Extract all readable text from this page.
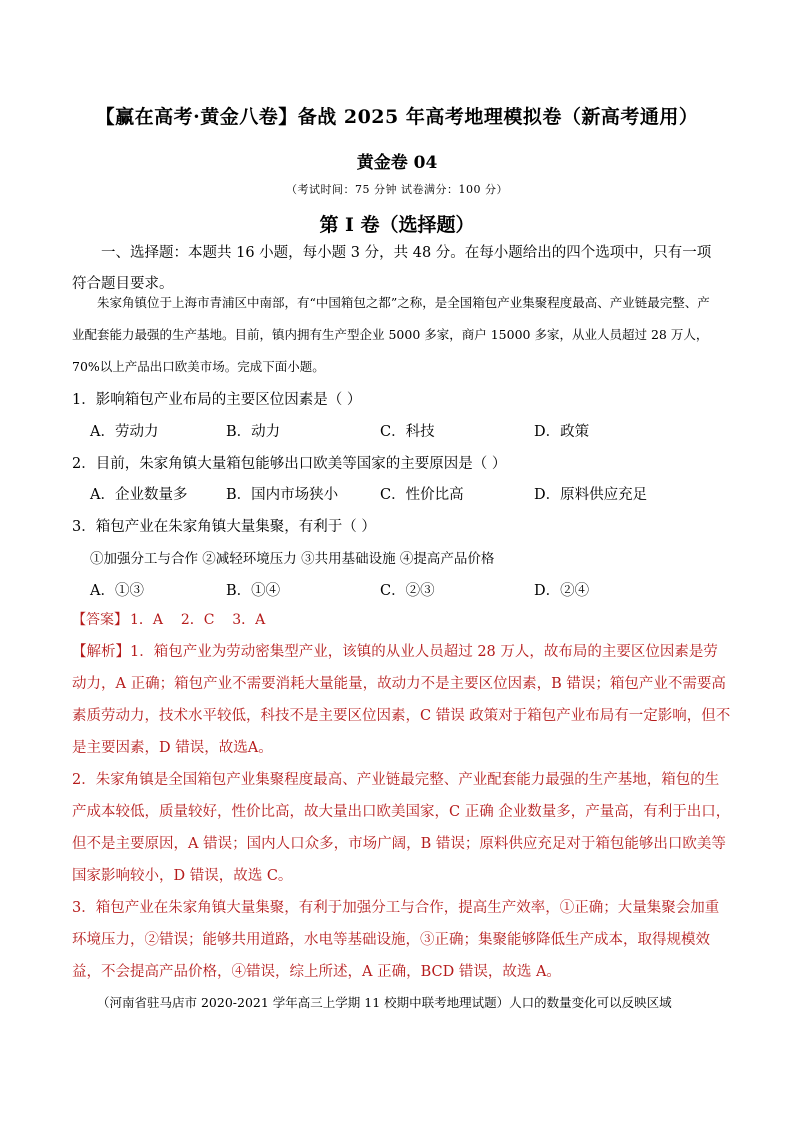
【赢在高考·黄金八卷】备战 2025 年高考地理模拟卷（新高考通用）
黄金卷 04
（考试时间：75 分钟 试卷满分：100 分）
第 I 卷（选择题）
一、选择题：本题共 16 小题，每小题 3 分，共 48 分。在每小题给出的四个选项中，只有一项符合题目要求。
朱家角镇位于上海市青浦区中南部，有“中国箱包之都”之称，是全国箱包产业集聚程度最高、产业链最完整、产业配套能力最强的生产基地。目前，镇内拥有生产型企业 5000 多家，商户 15000 多家，从业人员超过 28 万人，70%以上产品出口欧美市场。完成下面小题。
1．影响箱包产业布局的主要区位因素是（ ）
A．劳动力	B．动力	C．科技	D．政策
2．目前，朱家角镇大量箱包能够出口欧美等国家的主要原因是（ ）
A．企业数量多	B．国内市场狭小	C．性价比高	D．原料供应充足
3．箱包产业在朱家角镇大量集聚，有利于（ ）
①加强分工与合作 ②减轻环境压力 ③共用基础设施 ④提高产品价格
A．①③	B．①④	C．②③	D．②④
【答案】 1．A    2．C    3．A
【解析】1．箱包产业为劳动密集型产业，该镇的从业人员超过 28 万人，故布局的主要区位因素是劳动力，A 正确；箱包产业不需要消耗大量能量，故动力不是主要区位因素，B 错误；箱包产业不需要高素质劳动力，技术水平较低，科技不是主要区位因素，C 错误 政策对于箱包产业布局有一定影响，但不是主要因素，D 错误，故选A。
2．朱家角镇是全国箱包产业集聚程度最高、产业链最完整、产业配套能力最强的生产基地，箱包的生产成本较低，质量较好，性价比高，故大量出口欧美国家，C 正确 企业数量多，产量高，有利于出口，但不是主要原因，A 错误；国内人口众多，市场广阔，B 错误；原料供应充足对于箱包能够出口欧美等国家影响较小，D 错误，故选 C。
3．箱包产业在朱家角镇大量集聚，有利于加强分工与合作，提高生产效率，①正确；大量集聚会加重环境压力，②错误；能够共用道路，水电等基础设施，③正确；集聚能够降低生产成本，取得规模效益，不会提高产品价格，④错误，综上所述，A 正确，BCD 错误，故选 A。
（河南省驻马店市 2020-2021 学年高三上学期 11 校期中联考地理试题）人口的数量变化可以反映区域
